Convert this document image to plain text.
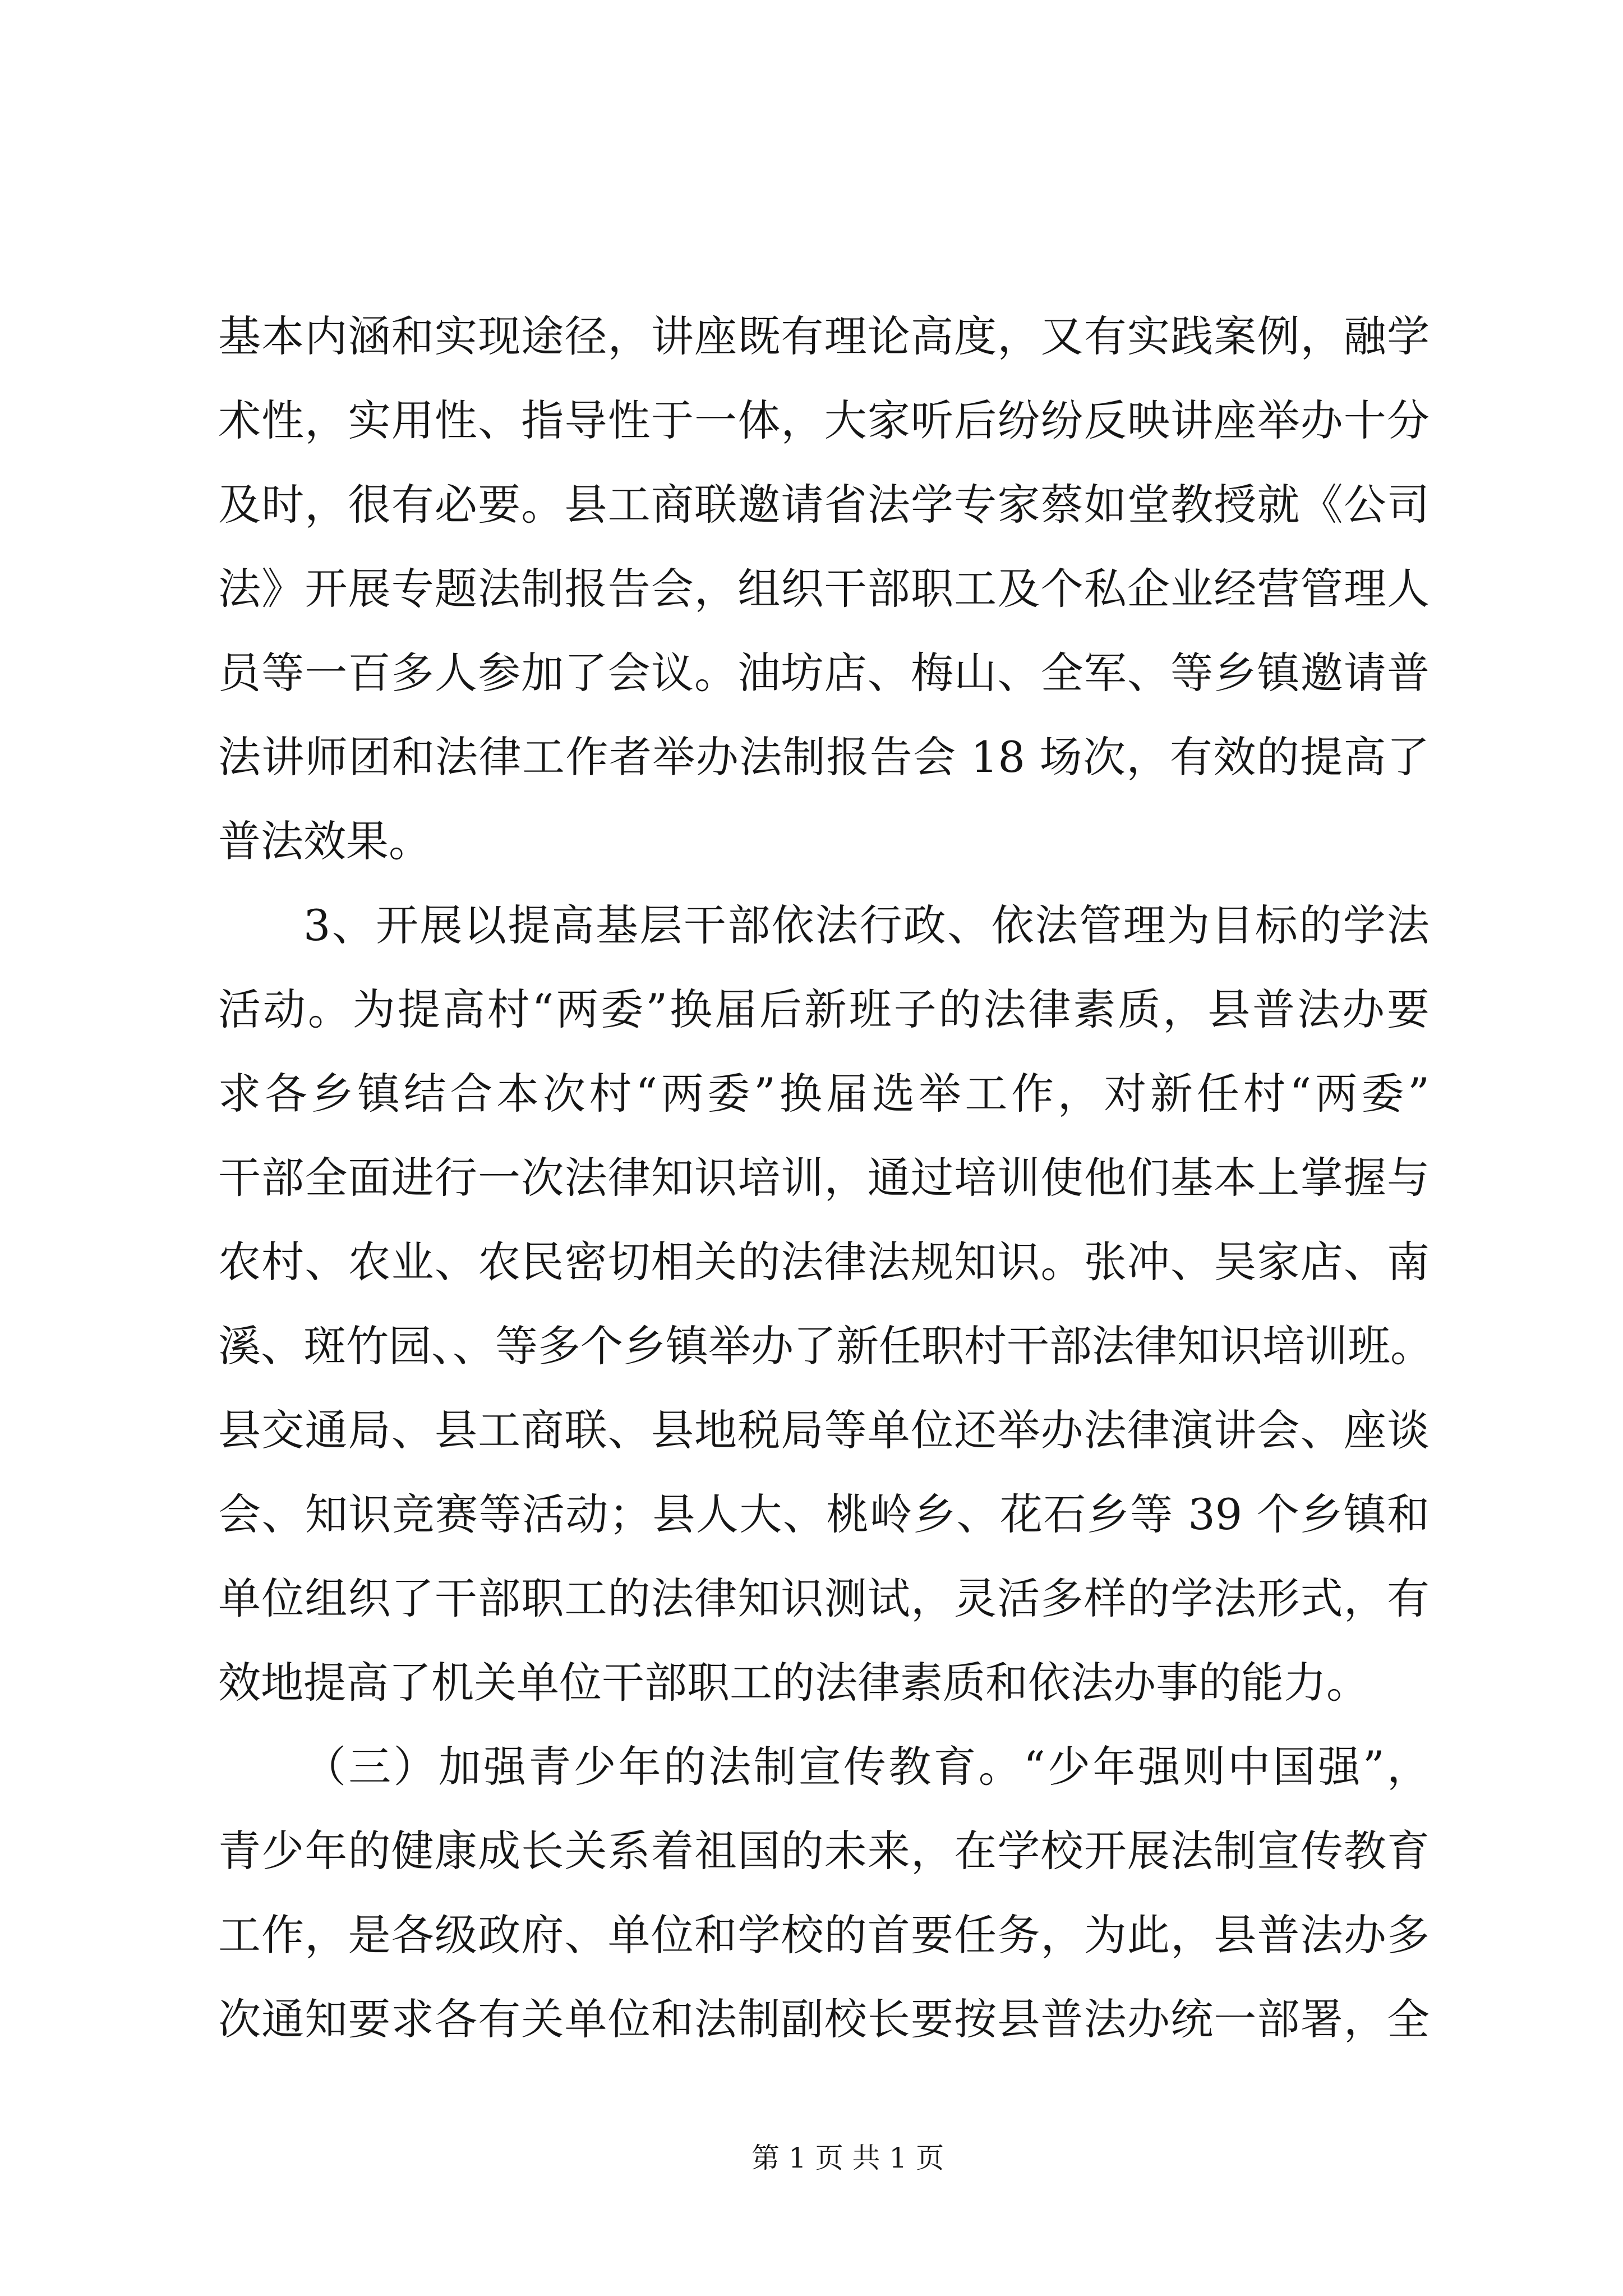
基本内涵和实现途径，讲座既有理论高度，又有实践案例，融学
术性，实用性、指导性于一体，大家听后纷纷反映讲座举办十分
及时，很有必要。县工商联邀请省法学专家蔡如堂教授就《公司
法》开展专题法制报告会，组织干部职工及个私企业经营管理人
员等一百多人参加了会议。油坊店、梅山、全军、等乡镇邀请普
法讲师团和法律工作者举办法制报告会 18 场次，有效的提高了
普法效果。
3、开展以提高基层干部依法行政、依法管理为目标的学法
活动。为提高村“两委”换届后新班子的法律素质，县普法办要
求各乡镇结合本次村“两委”换届选举工作，对新任村“两委”
干部全面进行一次法律知识培训，通过培训使他们基本上掌握与
农村、农业、农民密切相关的法律法规知识。张冲、吴家店、南
溪、斑竹园、、等多个乡镇举办了新任职村干部法律知识培训班。
县交通局、县工商联、县地税局等单位还举办法律演讲会、座谈
会、知识竞赛等活动；县人大、桃岭乡、花石乡等 39 个乡镇和
单位组织了干部职工的法律知识测试，灵活多样的学法形式，有
效地提高了机关单位干部职工的法律素质和依法办事的能力。
（三）加强青少年的法制宣传教育。“少年强则中国强”，
青少年的健康成长关系着祖国的未来，在学校开展法制宣传教育
工作，是各级政府、单位和学校的首要任务，为此，县普法办多
次通知要求各有关单位和法制副校长要按县普法办统一部署，全
第 1 页 共 1 页
